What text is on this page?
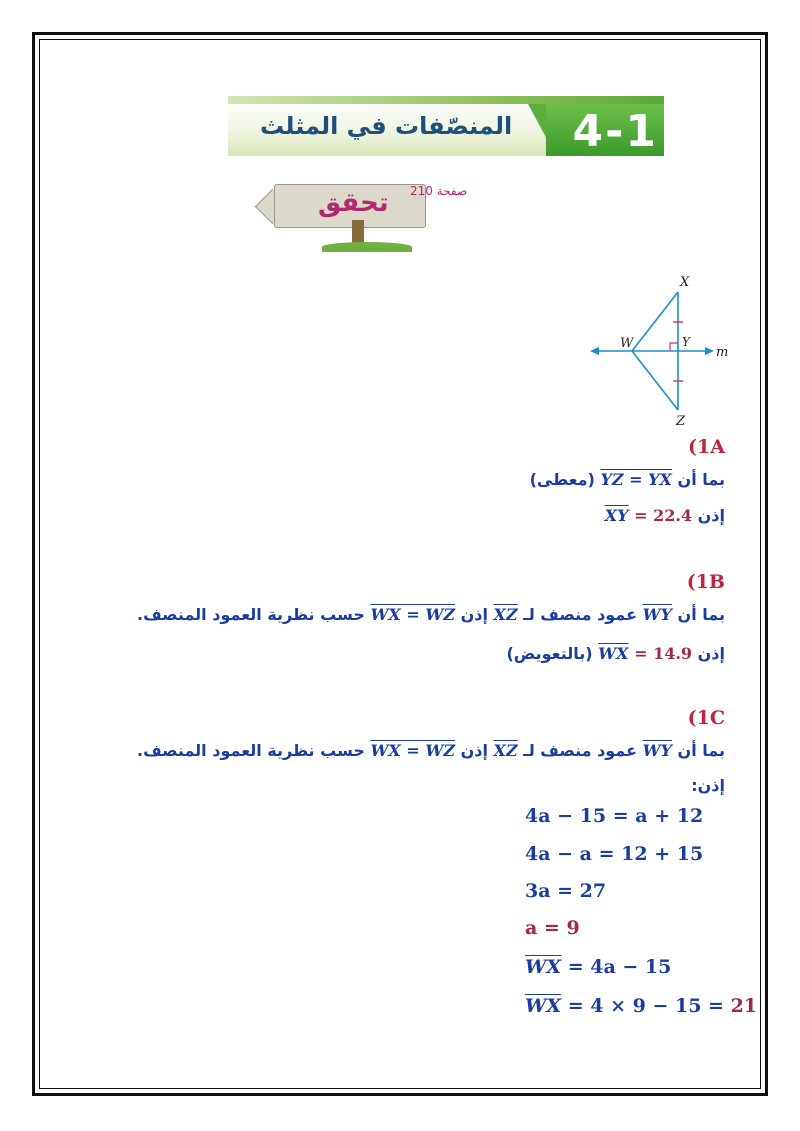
4-1
المنصّفات في المثلث
تحقق صفحة 210
X
W	Y
m
Z
(1A
بما أن YZ = YX (معطى)
إذن $\overline{XY} = 22.4$
(1B
بما أن $\overline{WY}$ عمود منصف لـ $\overline{XZ}$ إذن WX = WZ حسب نظرية العمود المنصف.
إذن $\overline{WX} = 14.9$ (بالتعويض)
(1C
بما أن $\overline{WY}$ عمود منصف لـ $\overline{XZ}$ إذن WX = WZ حسب نظرية العمود المنصف.
إذن:
4a − 15 = a + 12
4a − a = 12 + 15
3a = 27
a = 9
$\overline{WX} = 4a - 15$
$\overline{WX} = 4 \times 9 - 15 = 21$
